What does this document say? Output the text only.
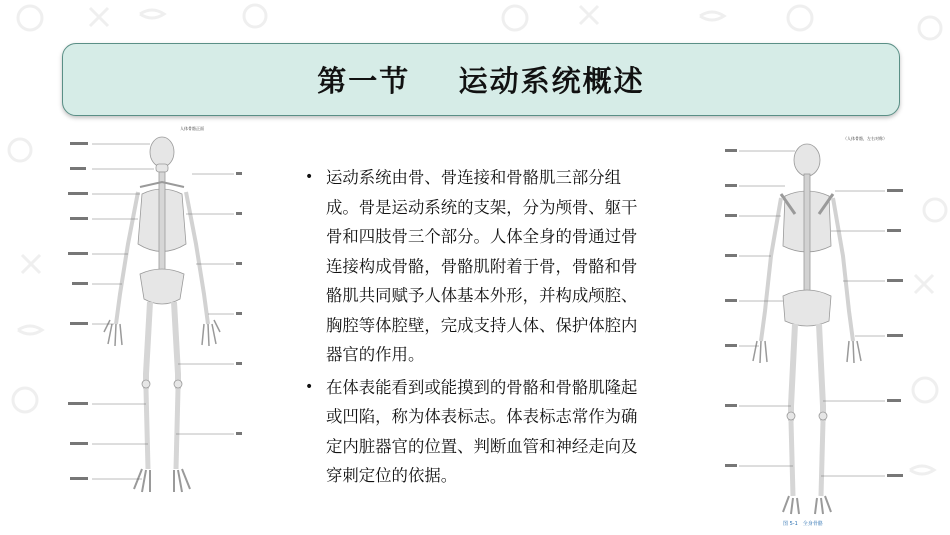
第一节    运动系统概述
人体骨骼正面
• 运动系统由骨、骨连接和骨骼肌三部分组成。骨是运动系统的支架，分为颅骨、躯干骨和四肢骨三个部分。人体全身的骨通过骨连接构成骨骼，骨骼肌附着于骨，骨骼和骨骼肌共同赋予人体基本外形，并构成颅腔、胸腔等体腔壁，完成支持人体、保护体腔内器官的作用。
• 在体表能看到或能摸到的骨骼和骨骼肌隆起或凹陷，称为体表标志。体表标志常作为确定内脏器官的位置、判断血管和神经走向及穿刺定位的依据。
（人体骨骼，左右对称）
图 5-1　全身骨骼
